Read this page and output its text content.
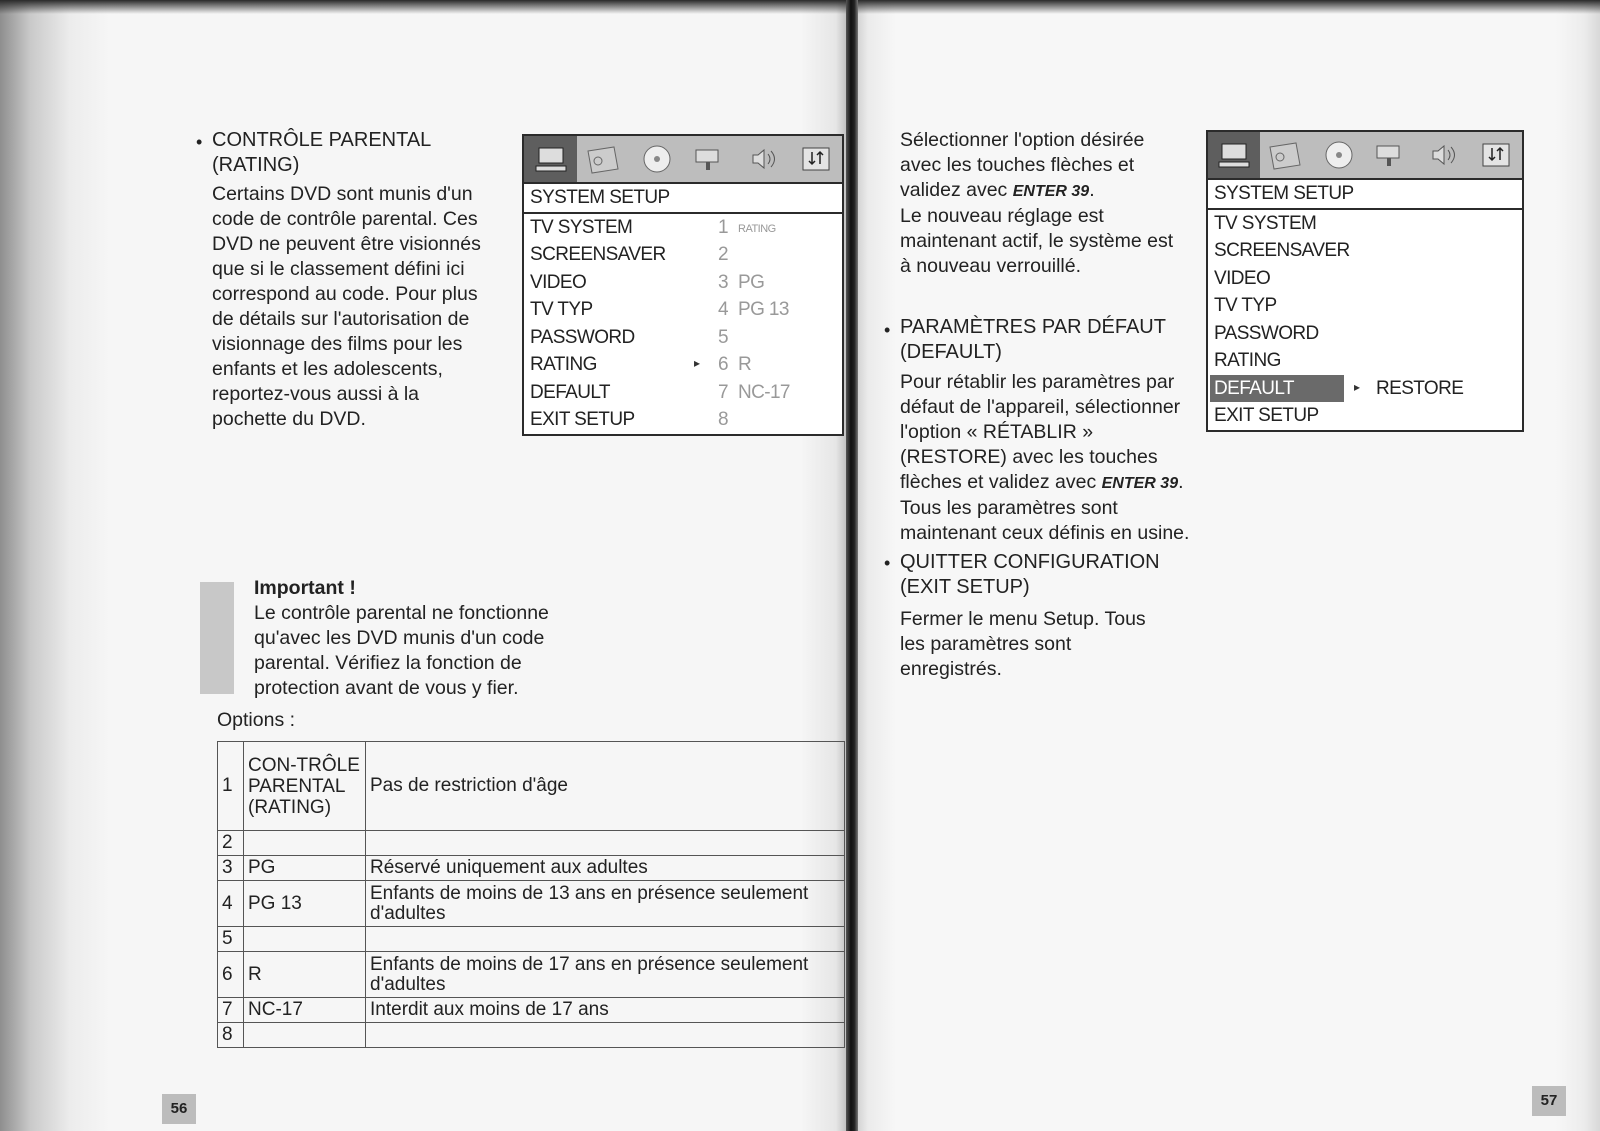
• CONTRÔLE PARENTAL (RATING)
Certains DVD sont munis d'un code de contrôle parental. Ces DVD ne peuvent être visionnés que si le classement défini ici correspond au code. Pour plus de détails sur l'autorisation de visionnage des films pour les enfants et les adolescents, reportez-vous aussi à la pochette du DVD.
SYSTEM SETUP
TV SYSTEM	1 RATING
SCREENSAVER	2
VIDEO	3 PG
TV TYP	4 PG 13
PASSWORD	5
RATING	▸ 6 R
DEFAULT	7 NC-17
EXIT SETUP	8
Important !
Le contrôle parental ne fonctionne qu'avec les DVD munis d'un code parental. Vérifiez la fonction de protection avant de vous y fier.
Options :
1	CON-TRÔLE PARENTAL (RATING)	Pas de restriction d'âge
2		
3	PG	Réservé uniquement aux adultes
4	PG 13	Enfants de moins de 13 ans en présence seulement d'adultes
5		
6	R	Enfants de moins de 17 ans en présence seulement d'adultes
7	NC-17	Interdit aux moins de 17 ans
8		
56
Sélectionner l'option désirée avec les touches flèches et validez avec ENTER 39.
Le nouveau réglage est maintenant actif, le système est à nouveau verrouillé.
• PARAMÈTRES PAR DÉFAUT (DEFAULT)
Pour rétablir les paramètres par défaut de l'appareil, sélectionner l'option « RÉTABLIR » (RESTORE) avec les touches flèches et validez avec ENTER 39.
Tous les paramètres sont maintenant ceux définis en usine.
• QUITTER CONFIGURATION (EXIT SETUP)
Fermer le menu Setup. Tous les paramètres sont enregistrés.
SYSTEM SETUP
TV SYSTEM
SCREENSAVER
VIDEO
TV TYP
PASSWORD
RATING
DEFAULT	▸ RESTORE
EXIT SETUP
57
